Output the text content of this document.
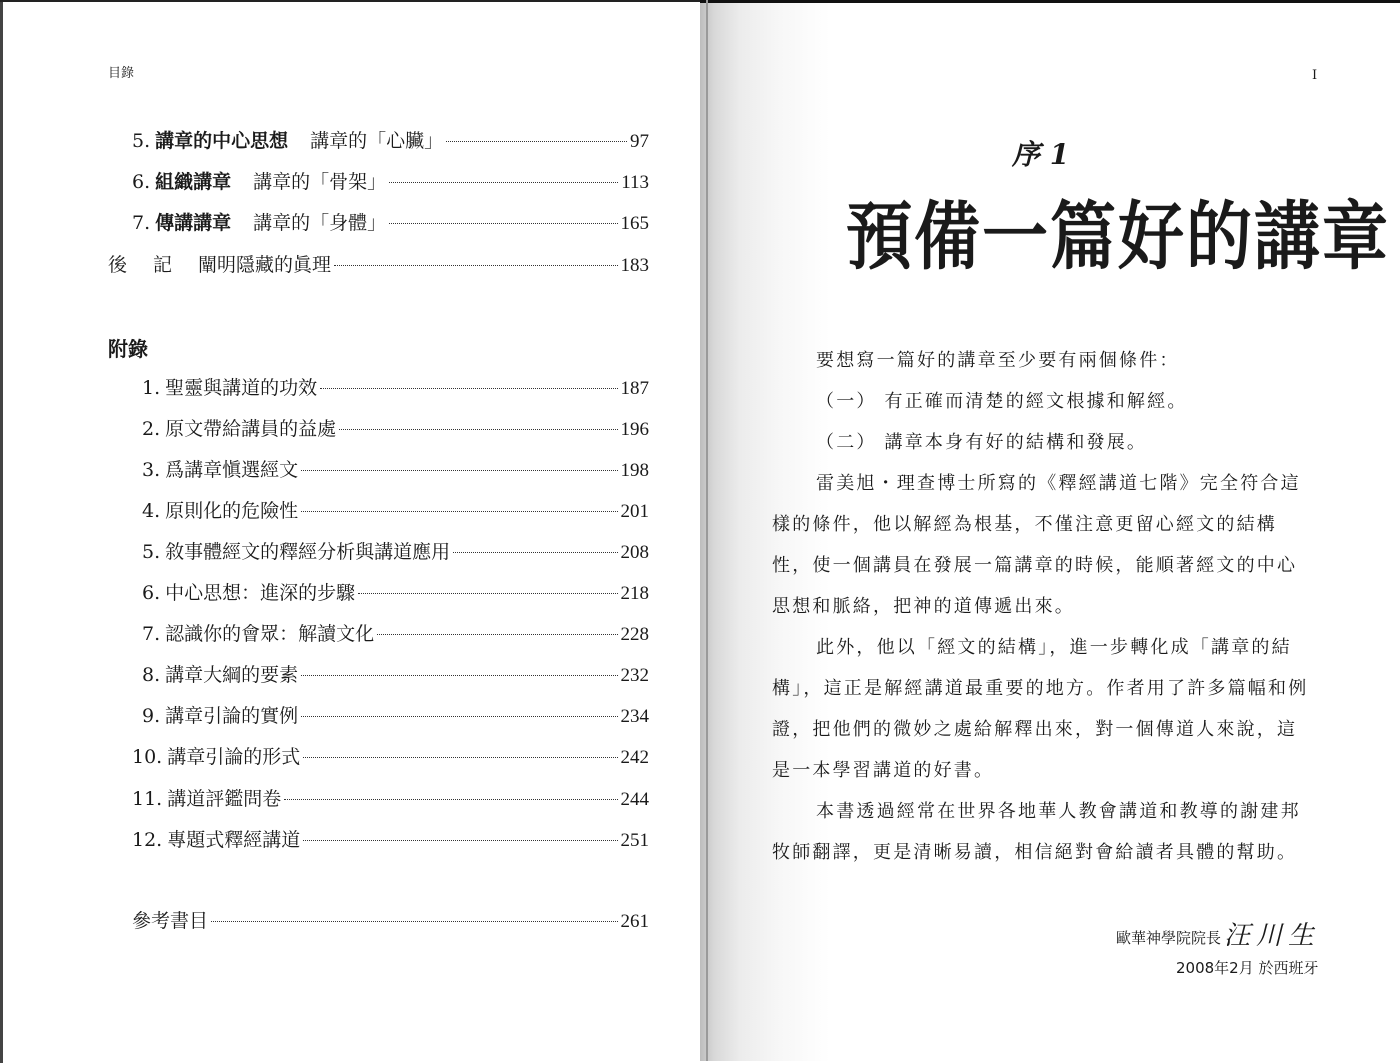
目錄
5. 講章的中心思想 講章的「心臟」	97
6. 組織講章 講章的「骨架」	113
7. 傳講講章 講章的「身體」	165
後記 闡明隱藏的眞理	183
附錄
1. 聖靈與講道的功效	187
2. 原文帶給講員的益處	196
3. 爲講章愼選經文	198
4. 原則化的危險性	201
5. 敘事體經文的釋經分析與講道應用	208
6. 中心思想：進深的步驟	218
7. 認識你的會眾：解讀文化	228
8. 講章大綱的要素	232
9. 講章引論的實例	234
10. 講章引論的形式	242
11. 講道評鑑問卷	244
12. 專題式釋經講道	251
參考書目	261
I
序 1
預備一篇好的講章
要想寫一篇好的講章至少要有兩個條件：
（一） 有正確而清楚的經文根據和解經。
（二） 講章本身有好的結構和發展。
雷美旭・理查博士所寫的《釋經講道七階》完全符合這
樣的條件，他以解經為根基，不僅注意更留心經文的結構
性，使一個講員在發展一篇講章的時候，能順著經文的中心
思想和脈絡，把神的道傳遞出來。
此外，他以「經文的結構」，進一步轉化成「講章的結
構」，這正是解經講道最重要的地方。作者用了許多篇幅和例
證，把他們的微妙之處給解釋出來，對一個傳道人來說，這
是一本學習講道的好書。
本書透過經常在世界各地華人教會講道和教導的謝建邦
牧師翻譯，更是清晰易讀，相信絕對會給讀者具體的幫助。
歐華神學院院長 汪川生
2008年2月 於西班牙
